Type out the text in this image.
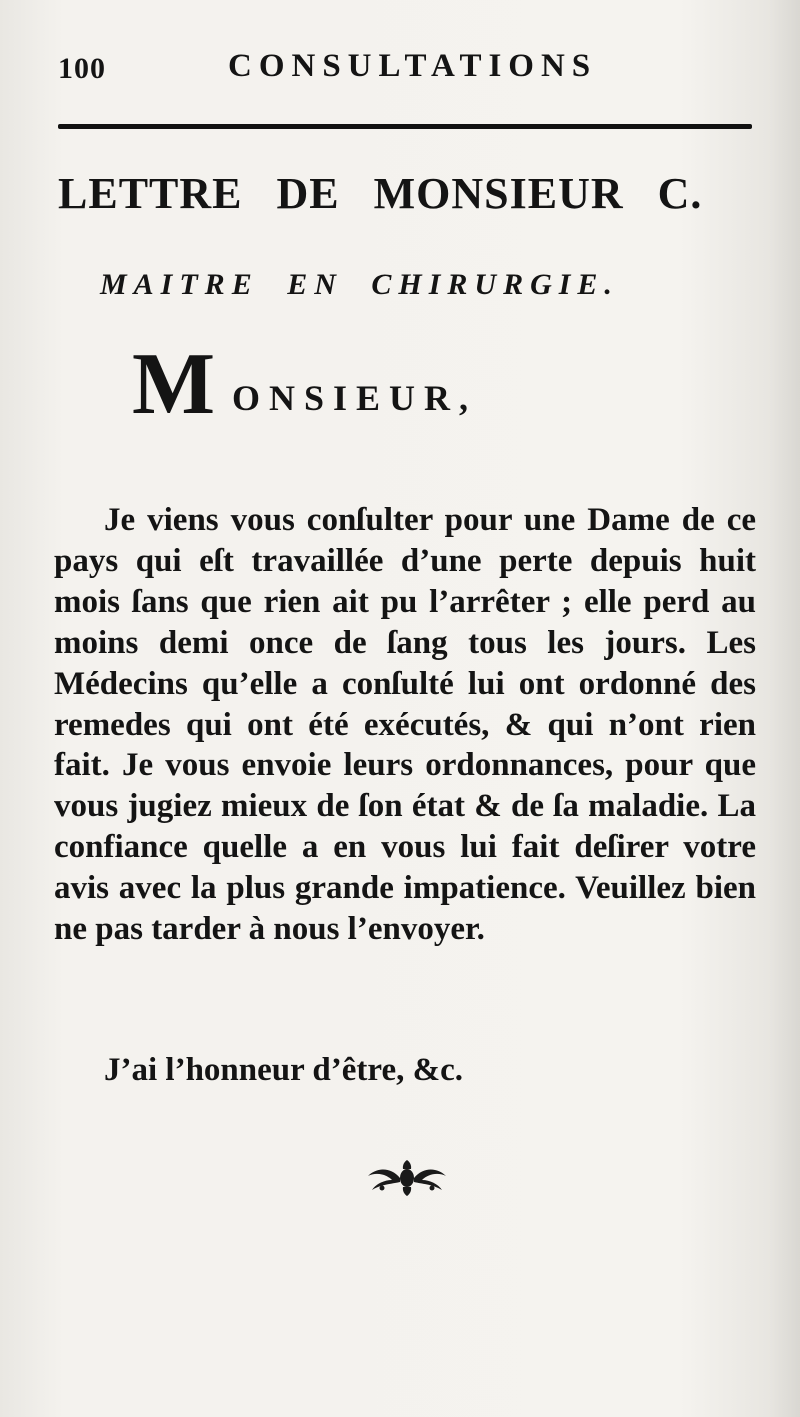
100	CONSULTATIONS
LETTRE DE MONSIEUR C.
MAITRE EN CHIRURGIE.
M ONSIEUR,

Je viens vous conſulter pour une Dame de ce pays qui eſt travaillée d’une perte depuis huit mois ſans que rien ait pu l’arrêter ; elle perd au moins demi once de ſang tous les jours. Les Médecins qu’elle a conſulté lui ont ordonné des remedes qui ont été exécutés, & qui n’ont rien fait. Je vous envoie leurs ordonnances, pour que vous jugiez mieux de ſon état & de ſa maladie. La confiance quelle a en vous lui fait deſirer votre avis avec la plus grande impatience. Veuillez bien ne pas tarder à nous l’envoyer.

J’ai l’honneur d’être, &c.
